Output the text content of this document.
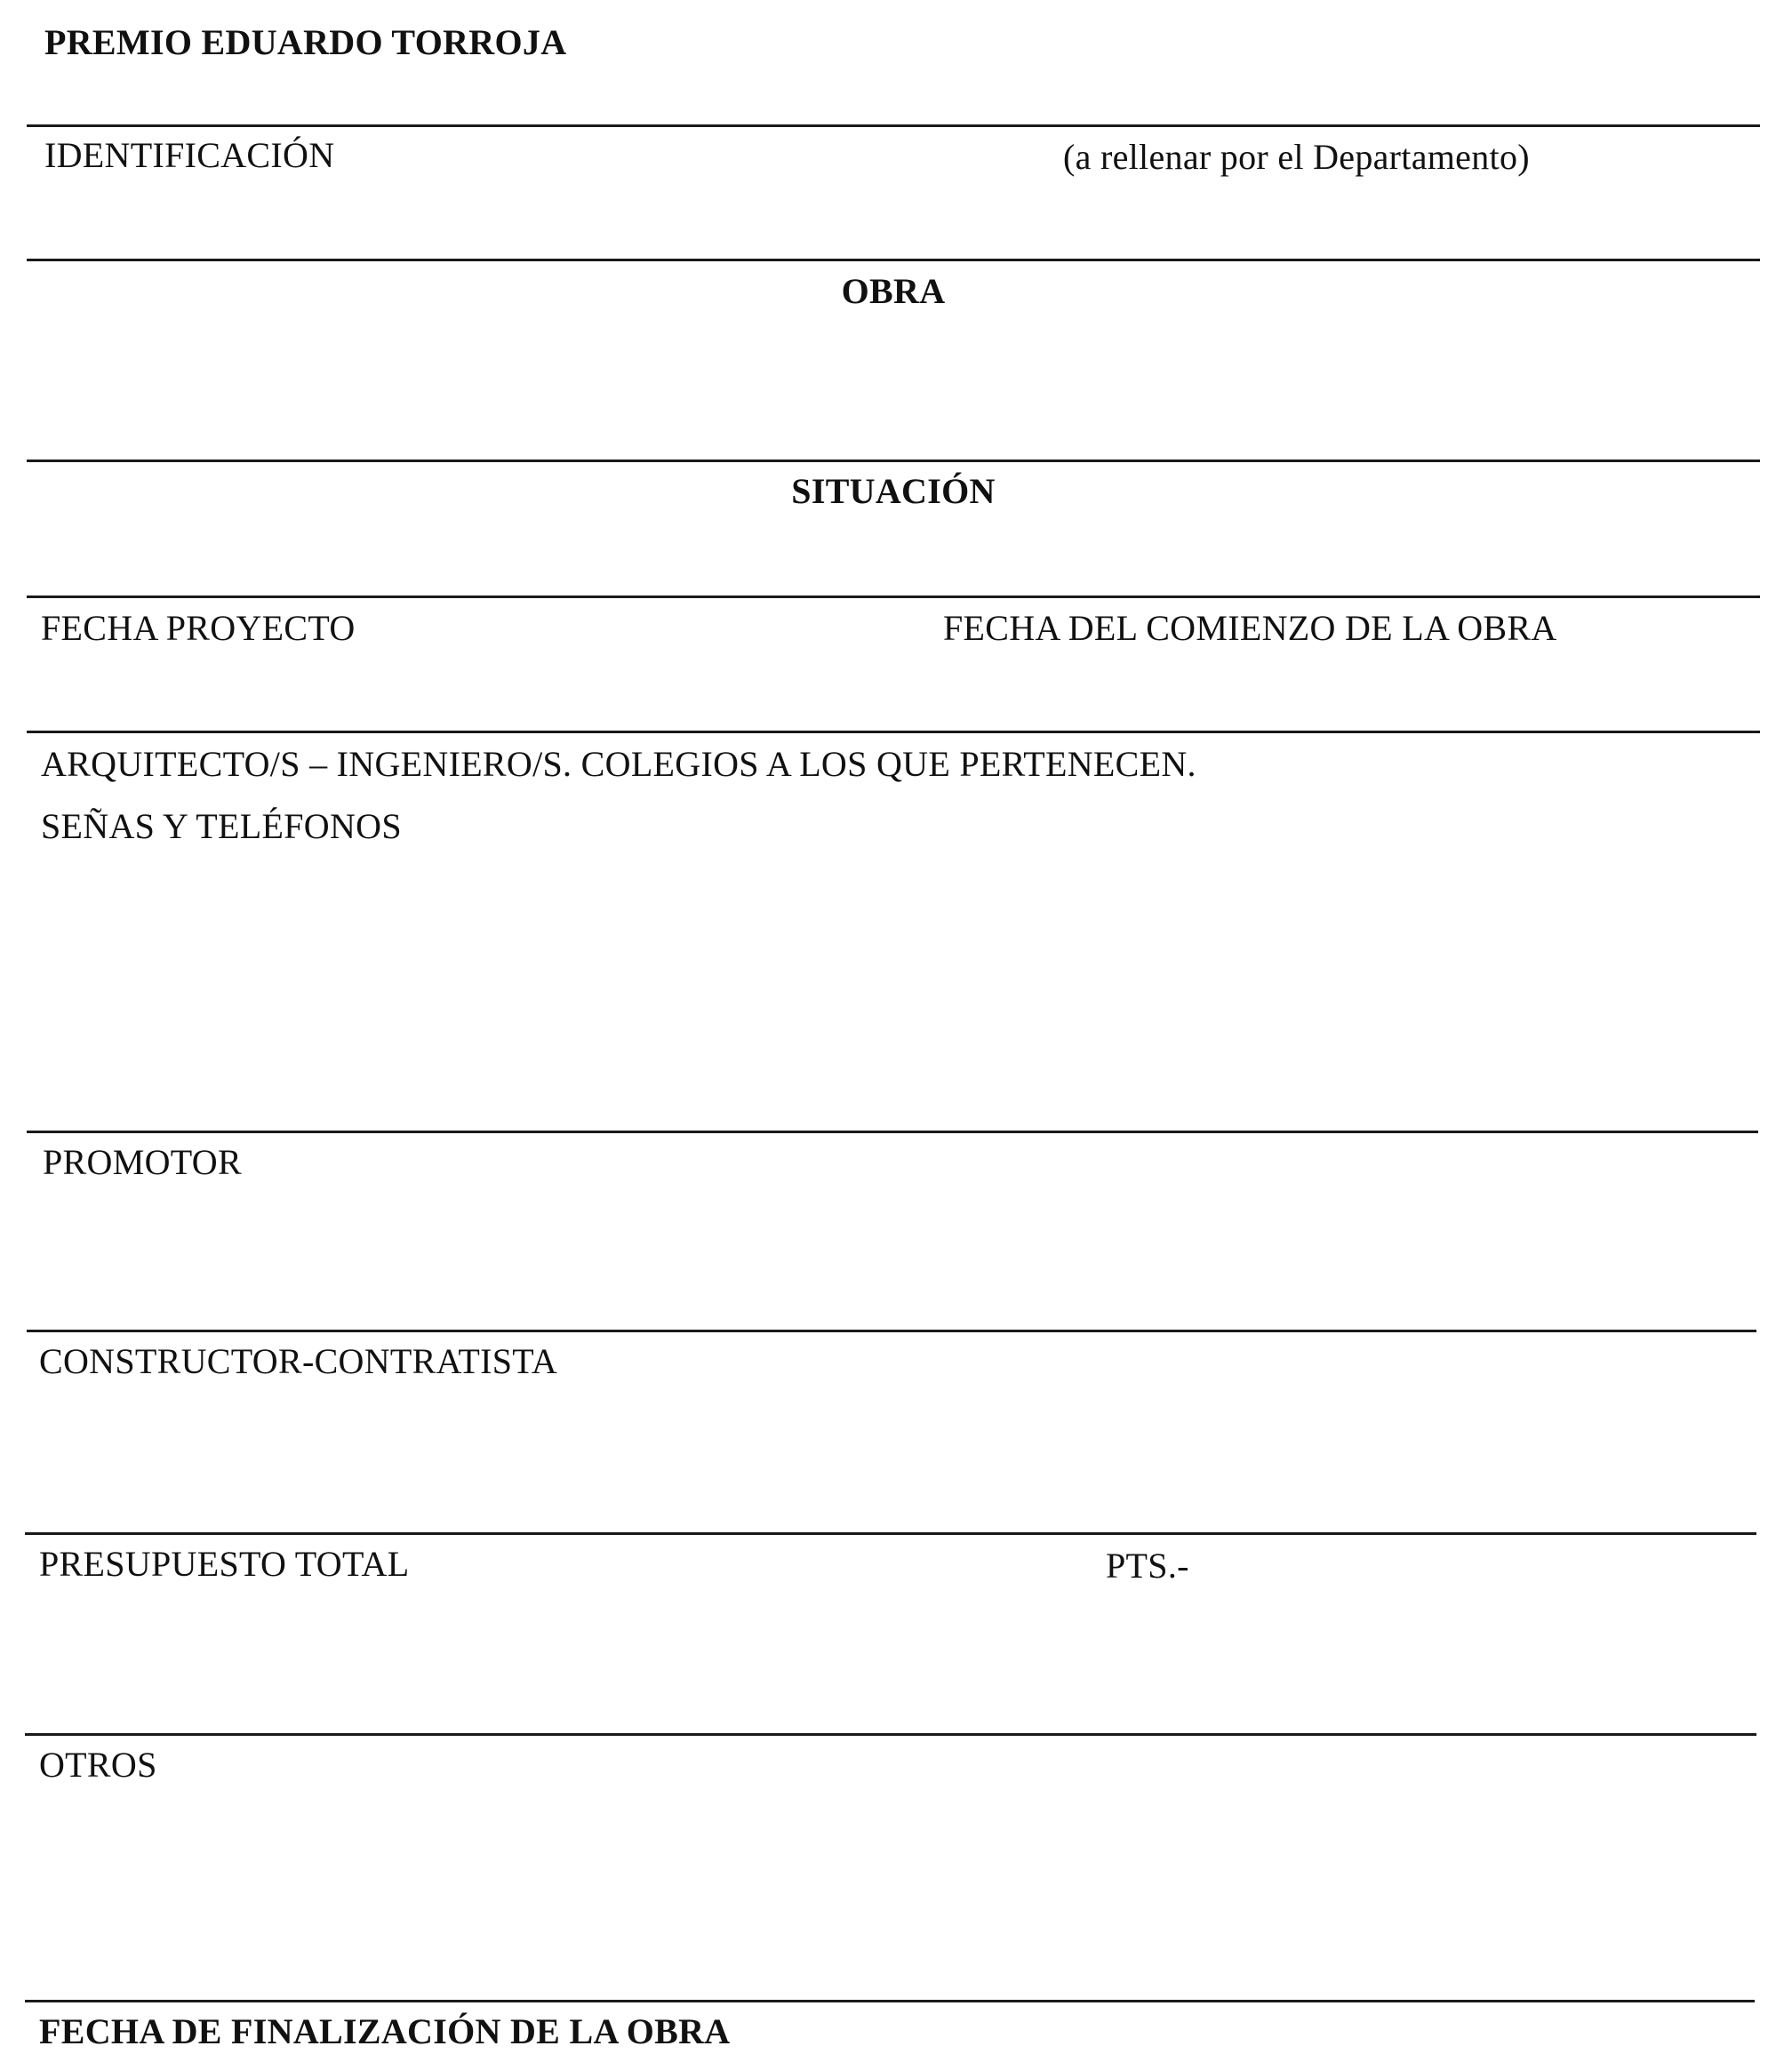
PREMIO EDUARDO TORROJA
IDENTIFICACIÓN	(a rellenar por el Departamento)
OBRA
SITUACIÓN
FECHA PROYECTO	FECHA DEL COMIENZO DE LA OBRA
ARQUITECTO/S – INGENIERO/S. COLEGIOS A LOS QUE PERTENECEN.
SEÑAS Y TELÉFONOS
PROMOTOR
CONSTRUCTOR-CONTRATISTA
PRESUPUESTO TOTAL	PTS.-
OTROS
FECHA DE FINALIZACIÓN DE LA OBRA
